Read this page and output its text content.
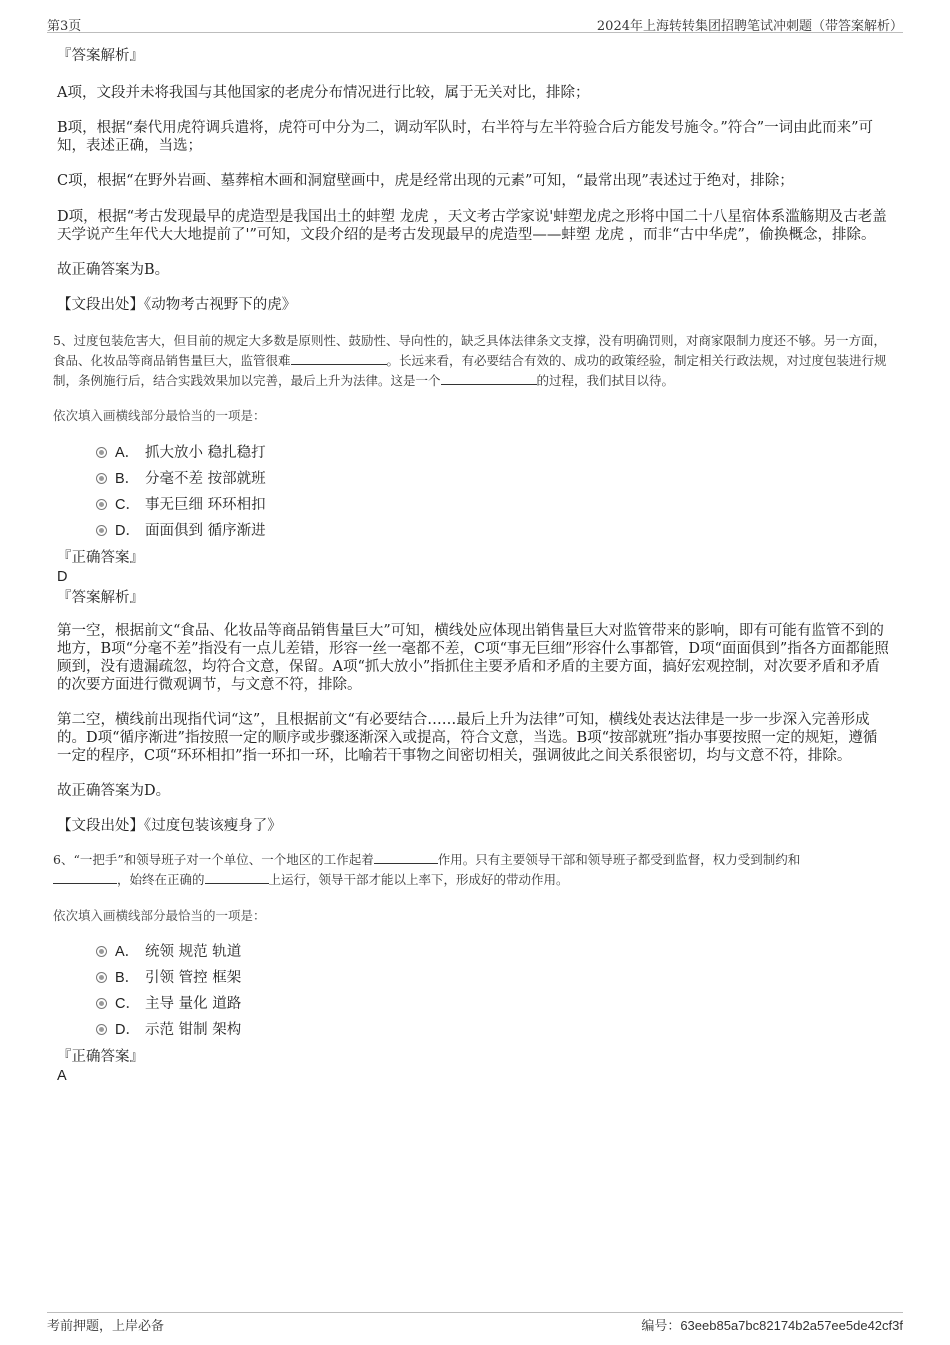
第3页	2024年上海转转集团招聘笔试冲刺题（带答案解析）

『答案解析』

A项，文段并未将我国与其他国家的老虎分布情况进行比较，属于无关对比，排除；

B项，根据“秦代用虎符调兵遣将，虎符可中分为二，调动军队时，右半符与左半符验合后方能发号施令。”符合”一词由此而来”可知，表述正确，当选；

C项，根据“在野外岩画、墓葬棺木画和洞窟壁画中，虎是经常出现的元素”可知，“最常出现”表述过于绝对，排除；

D项，根据“考古发现最早的虎造型是我国出土的蚌塑 龙虎 ，天文考古学家说'蚌塑龙虎之形将中国二十八星宿体系滥觞期及古老盖天学说产生年代大大地提前了'”可知，文段介绍的是考古发现最早的虎造型——蚌塑 龙虎 ，而非“古中华虎”，偷换概念，排除。

故正确答案为B。

【文段出处】《动物考古视野下的虎》

5、过度包装危害大，但目前的规定大多数是原则性、鼓励性、导向性的，缺乏具体法律条文支撑，没有明确罚则，对商家限制力度还不够。另一方面，食品、化妆品等商品销售量巨大，监管很难	。长远来看，有必要结合有效的、成功的政策经验，制定相关行政法规，对过度包装进行规制，条例施行后，结合实践效果加以完善，最后上升为法律。这是一个	的过程，我们拭目以待。

依次填入画横线部分最恰当的一项是：

A． 抓大放小 稳扎稳打
B． 分毫不差 按部就班
C． 事无巨细 环环相扣
D． 面面俱到 循序渐进

『正确答案』

D

『答案解析』

第一空，根据前文“食品、化妆品等商品销售量巨大”可知，横线处应体现出销售量巨大对监管带来的影响，即有可能有监管不到的地方，B项“分毫不差”指没有一点儿差错，形容一丝一毫都不差，C项“事无巨细”形容什么事都管，D项“面面俱到”指各方面都能照顾到，没有遗漏疏忽，均符合文意，保留。A项“抓大放小”指抓住主要矛盾和矛盾的主要方面，搞好宏观控制，对次要矛盾和矛盾的次要方面进行微观调节，与文意不符，排除。

第二空，横线前出现指代词“这”，且根据前文“有必要结合……最后上升为法律”可知，横线处表达法律是一步一步深入完善形成的。D项“循序渐进”指按照一定的顺序或步骤逐渐深入或提高，符合文意，当选。B项“按部就班”指办事要按照一定的规矩，遵循一定的程序，C项“环环相扣”指一环扣一环，比喻若干事物之间密切相关，强调彼此之间关系很密切，均与文意不符，排除。

故正确答案为D。

【文段出处】《过度包装该瘦身了》

6、“一把手”和领导班子对一个单位、一个地区的工作起着	作用。只有主要领导干部和领导班子都受到监督，权力受到制约和
，始终在正确的	上运行，领导干部才能以上率下，形成好的带动作用。

依次填入画横线部分最恰当的一项是：

A． 统领 规范 轨道
B． 引领 管控 框架
C． 主导 量化 道路
D． 示范 钳制 架构

『正确答案』

A

考前押题，上岸必备	编号：63eeb85a7bc82174b2a57ee5de42cf3f
